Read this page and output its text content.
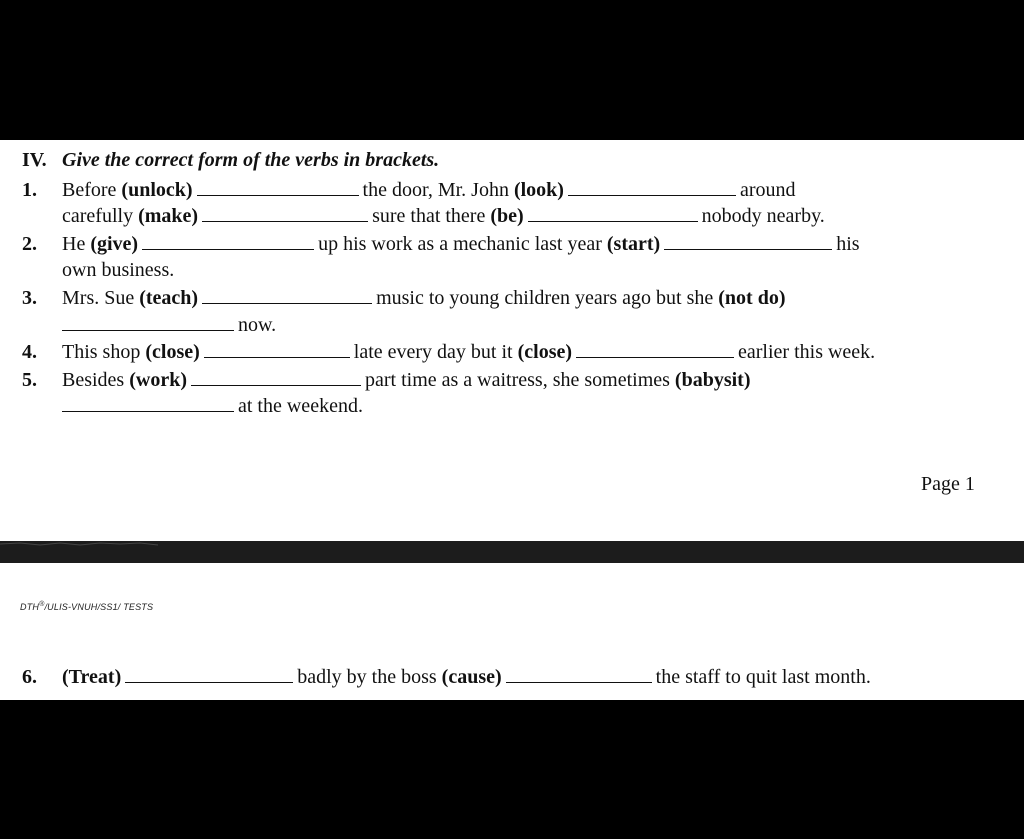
IV. Give the correct form of the verbs in brackets.
1. Before (unlock)	the door, Mr. John (look)	around
carefully (make)	sure that there (be)	nobody nearby.
2. He (give)	up his work as a mechanic last year (start)	his
own business.
3. Mrs. Sue (teach)	music to young children years ago but she (not do)
now.
4. This shop (close)	late every day but it (close)	earlier this week.
5. Besides (work)	part time as a waitress, she sometimes (babysit)
at the weekend.
Page 1
DTH®/ULIS-VNUH/SS1/ TESTS
6. (Treat)	badly by the boss (cause)	the staff to quit last month.
